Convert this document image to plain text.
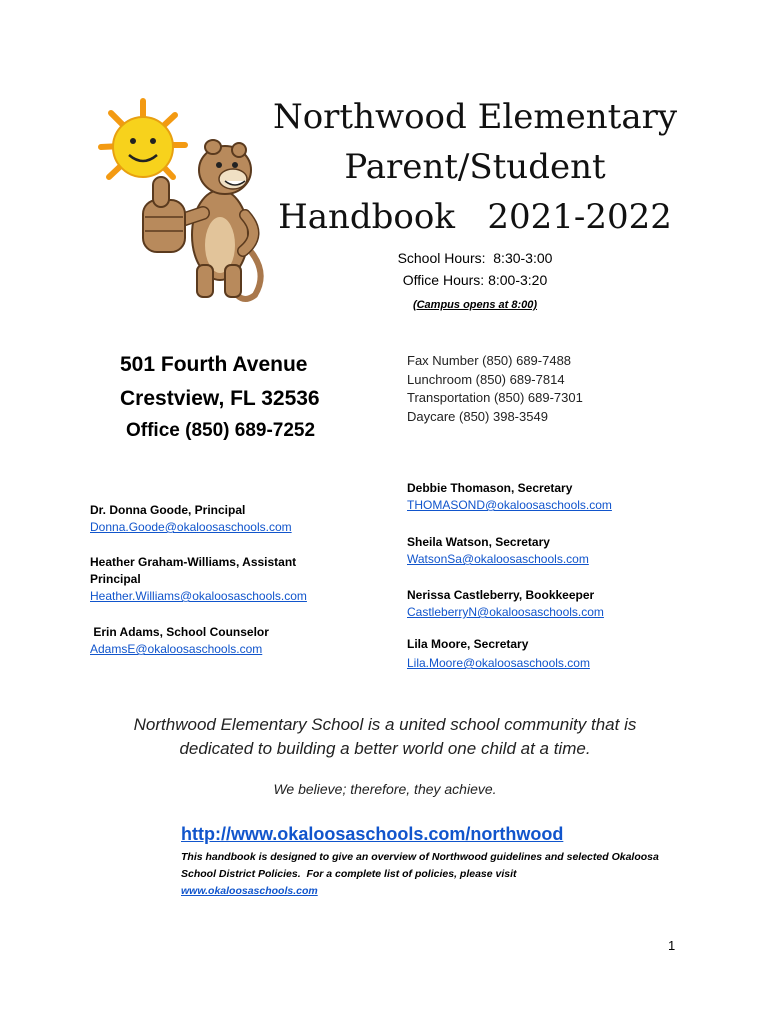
Northwood Elementary
Parent/Student
Handbook   2021-2022
School Hours:  8:30-3:00
Office Hours: 8:00-3:20
(Campus opens at 8:00)
501 Fourth Avenue
Crestview, FL 32536
Office (850) 689-7252
Fax Number (850) 689-7488
Lunchroom (850) 689-7814
Transportation (850) 689-7301
Daycare (850) 398-3549
Dr. Donna Goode, Principal
Donna.Goode@okaloosaschools.com
Heather Graham-Williams, Assistant Principal
Heather.Williams@okaloosaschools.com
Erin Adams, School Counselor
AdamsE@okaloosaschools.com
Debbie Thomason, Secretary
THOMASOND@okaloosaschools.com
Sheila Watson, Secretary
WatsonSa@okaloosaschools.com
Nerissa Castleberry, Bookkeeper
CastleberryN@okaloosaschools.com
Lila Moore, Secretary
Lila.Moore@okaloosaschools.com
Northwood Elementary School is a united school community that is dedicated to building a better world one child at a time.
We believe; therefore, they achieve.
http://www.okaloosaschools.com/northwood
This handbook is designed to give an overview of Northwood guidelines and selected Okaloosa School District Policies.  For a complete list of policies, please visit
www.okaloosaschools.com
1
